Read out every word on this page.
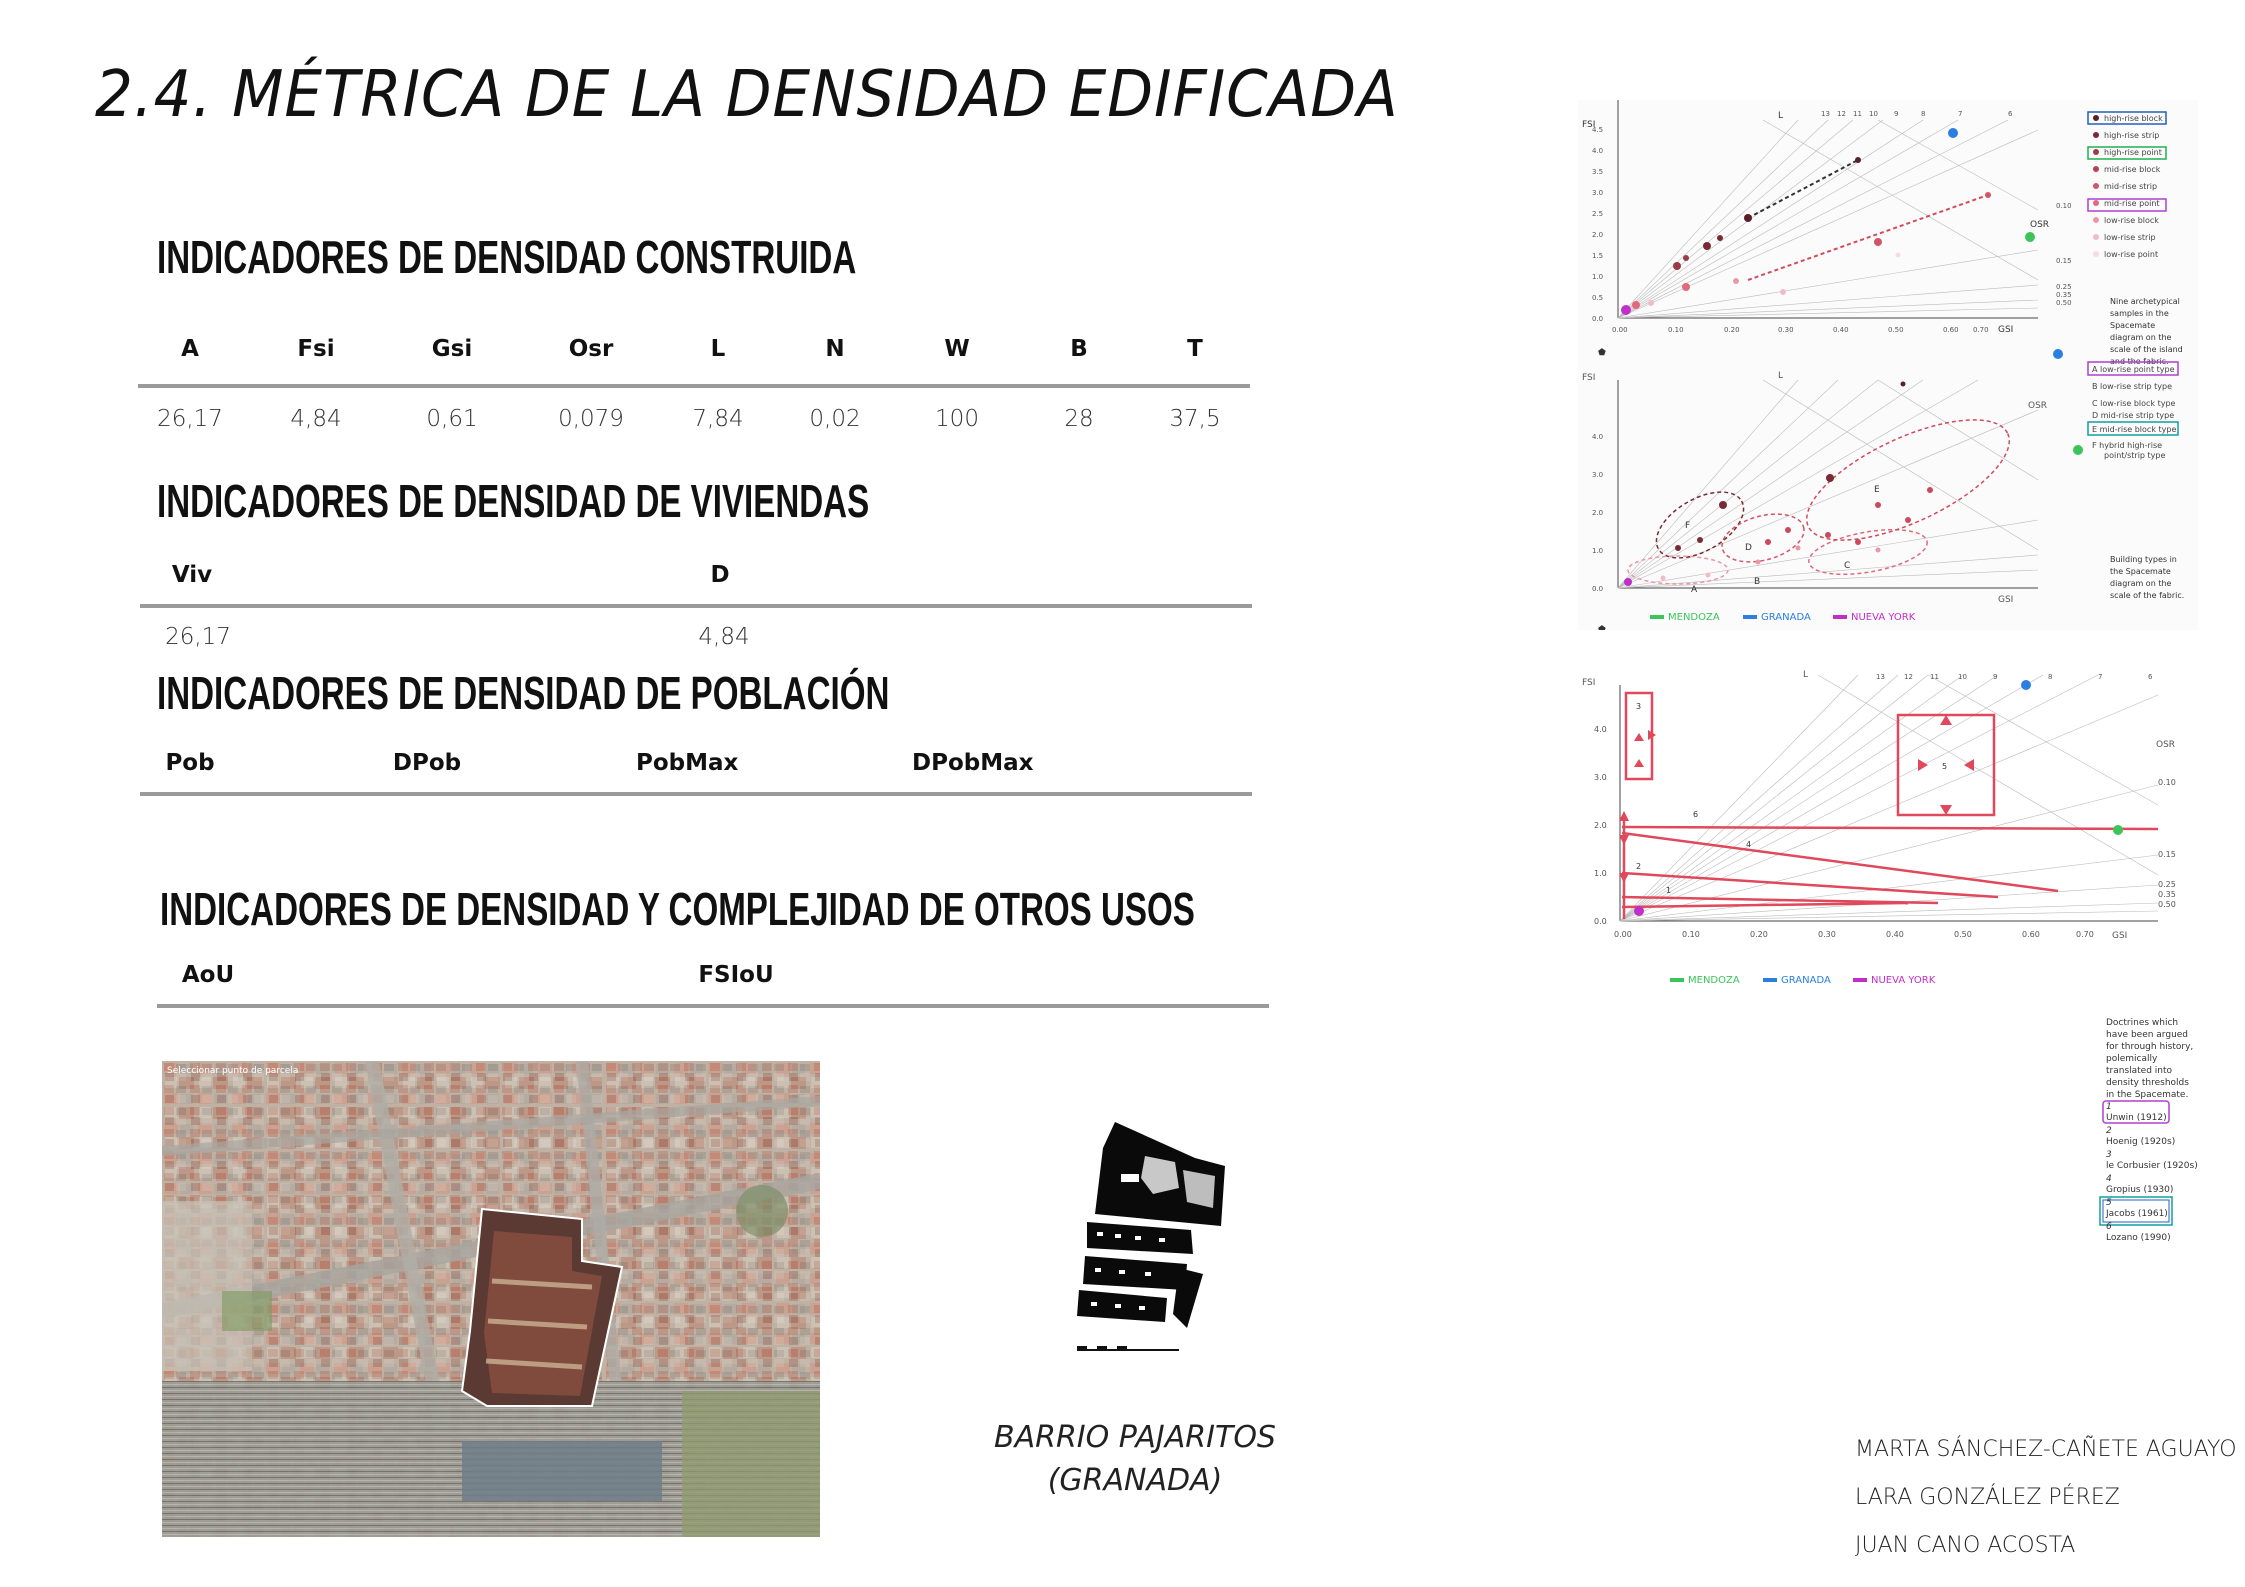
2.4. MÉTRICA DE LA DENSIDAD EDIFICADA
INDICADORES DE DENSIDAD CONSTRUIDA
A	Fsi	Gsi	Osr	L	N	W	B	T
26,17	4,84	0,61	0,079	7,84	0,02	100	28	37,5
INDICADORES DE DENSIDAD DE VIVIENDAS
Viv	D
26,17	4,84
INDICADORES DE DENSIDAD DE POBLACIÓN
Pob	DPob	PobMax	DPobMax
INDICADORES DE DENSIDAD Y COMPLEJIDAD DE OTROS USOS
AoU	FSIoU
Seleccionar punto de parcela
BARRIO PAJARITOS
(GRANADA)
MARTA SÁNCHEZ-CAÑETE AGUAYO
LARA GONZÁLEZ PÉREZ
JUAN CANO ACOSTA
FSI
GSI
OSR
L	13 12 11 10 9	8	7	6
0.0
0.5
1.0
1.5
2.0
2.5
3.0
3.5
4.0
4.5
0.00	0.10	0.20	0.30	0.40	0.50	0.60 0.70
0.10
0.15
0.25
0.35
0.50
⬟
high-rise block
high-rise strip
high-rise point
mid-rise block
mid-rise strip
mid-rise point
low-rise block
low-rise strip
low-rise point
Nine archetypical
samples in the
Spacemate
diagram on the
scale of the island
and the fabric.
A
B
C
D
E
F
0.0
1.0
2.0
3.0
4.0
FSI
GSI
OSR
L
⬟
A low-rise point type
B low-rise strip type
C low-rise block type
D mid-rise strip type
E mid-rise block type
F hybrid high-rise
point/strip type
Building types in
the Spacemate
diagram on the
scale of the fabric.
MENDOZA	GRANADA	NUEVA YORK
3
5
6
4
2
1
FSI
GSI
OSR
L
0.0
1.0
2.0
3.0
4.0
0.00	0.10	0.20	0.30	0.40	0.50	0.60	0.70
0.10
0.15
0.25
0.35
0.50
13	12 11	10	9	8	7	6
MENDOZA	GRANADA	NUEVA YORK
Doctrines which
have been argued
for through history,
polemically
translated into
density thresholds
in the Spacemate.
1
Unwin (1912)
2
Hoenig (1920s)
3
le Corbusier (1920s)
4
Gropius (1930)
5
Jacobs (1961)
6
Lozano (1990)
